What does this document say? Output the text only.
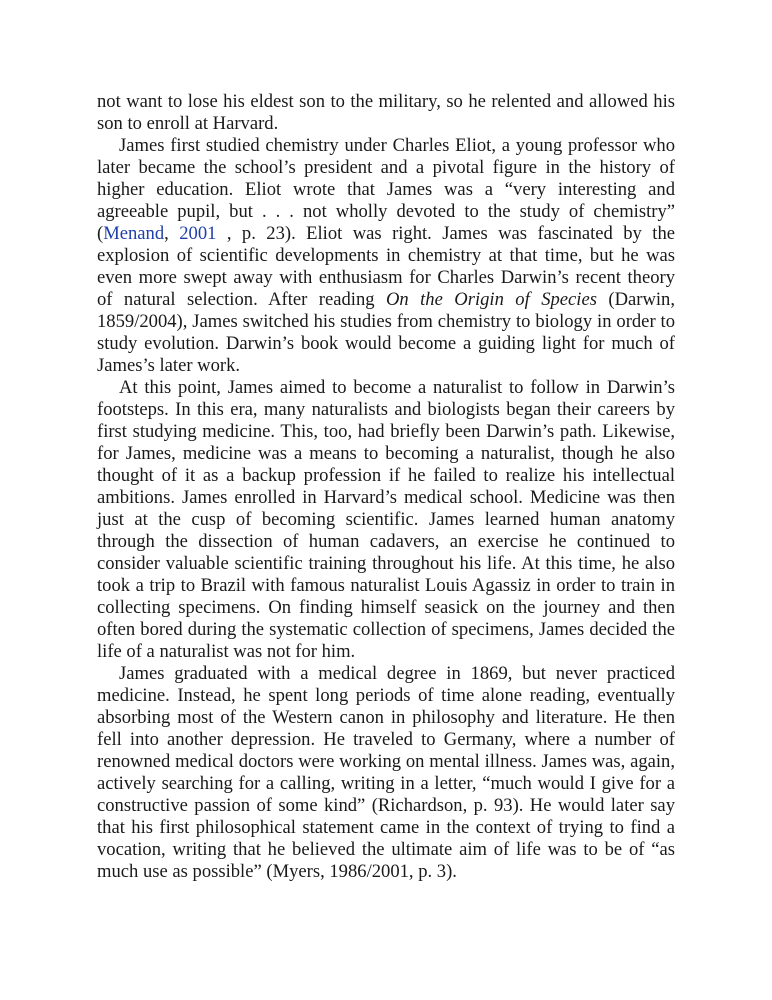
not want to lose his eldest son to the military, so he relented and allowed his son to enroll at Harvard.

James first studied chemistry under Charles Eliot, a young professor who later became the school’s president and a pivotal figure in the history of higher education. Eliot wrote that James was a “very interesting and agreeable pupil, but . . . not wholly devoted to the study of chemistry” (Menand, 2001 , p. 23). Eliot was right. James was fascinated by the explosion of scientific developments in chemistry at that time, but he was even more swept away with enthusiasm for Charles Darwin’s recent theory of natural selection. After reading On the Origin of Species (Darwin, 1859/2004), James switched his studies from chemistry to biology in order to study evolution. Darwin’s book would become a guiding light for much of James’s later work.

At this point, James aimed to become a naturalist to follow in Darwin’s footsteps. In this era, many naturalists and biologists began their careers by first studying medicine. This, too, had briefly been Darwin’s path. Likewise, for James, medicine was a means to becoming a naturalist, though he also thought of it as a backup profession if he failed to realize his intellectual ambitions. James enrolled in Harvard’s medical school. Medicine was then just at the cusp of becoming scientific. James learned human anatomy through the dissection of human cadavers, an exercise he continued to consider valuable scientific training throughout his life. At this time, he also took a trip to Brazil with famous naturalist Louis Agassiz in order to train in collecting specimens. On finding himself seasick on the journey and then often bored during the systematic collection of specimens, James decided the life of a naturalist was not for him.

James graduated with a medical degree in 1869, but never practiced medicine. Instead, he spent long periods of time alone reading, eventually absorbing most of the Western canon in philosophy and literature. He then fell into another depression. He traveled to Germany, where a number of renowned medical doctors were working on mental illness. James was, again, actively searching for a calling, writing in a letter, “much would I give for a constructive passion of some kind” (Richardson, p. 93). He would later say that his first philosophical statement came in the context of trying to find a vocation, writing that he believed the ultimate aim of life was to be of “as much use as possible” (Myers, 1986/2001, p. 3).
